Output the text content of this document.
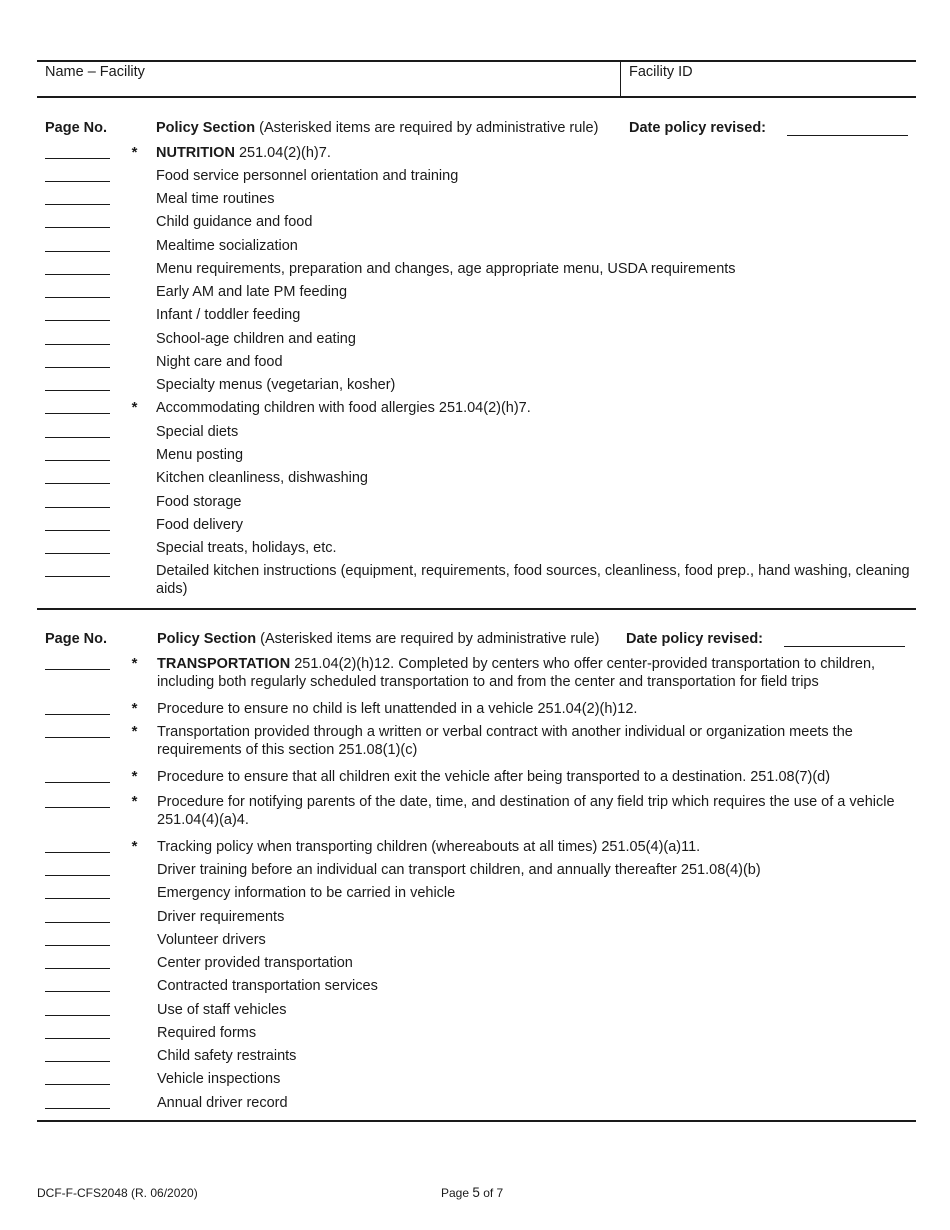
Name – Facility	Facility ID
Page No.	Policy Section (Asterisked items are required by administrative rule) Date policy revised:
* NUTRITION 251.04(2)(h)7.
Food service personnel orientation and training
Meal time routines
Child guidance and food
Mealtime socialization
Menu requirements, preparation and changes, age appropriate menu, USDA requirements
Early AM and late PM feeding
Infant / toddler feeding
School-age children and eating
Night care and food
Specialty menus (vegetarian, kosher)
* Accommodating children with food allergies 251.04(2)(h)7.
Special diets
Menu posting
Kitchen cleanliness, dishwashing
Food storage
Food delivery
Special treats, holidays, etc.
Detailed kitchen instructions (equipment, requirements, food sources, cleanliness, food prep., hand washing, cleaning aids)
Page No.	Policy Section (Asterisked items are required by administrative rule) Date policy revised:
* TRANSPORTATION 251.04(2)(h)12. Completed by centers who offer center-provided transportation to children, including both regularly scheduled transportation to and from the center and transportation for field trips
* Procedure to ensure no child is left unattended in a vehicle 251.04(2)(h)12.
* Transportation provided through a written or verbal contract with another individual or organization meets the requirements of this section 251.08(1)(c)
* Procedure to ensure that all children exit the vehicle after being transported to a destination. 251.08(7)(d)
* Procedure for notifying parents of the date, time, and destination of any field trip which requires the use of a vehicle 251.04(4)(a)4.
* Tracking policy when transporting children (whereabouts at all times) 251.05(4)(a)11.
Driver training before an individual can transport children, and annually thereafter 251.08(4)(b)
Emergency information to be carried in vehicle
Driver requirements
Volunteer drivers
Center provided transportation
Contracted transportation services
Use of staff vehicles
Required forms
Child safety restraints
Vehicle inspections
Annual driver record
DCF-F-CFS2048 (R. 06/2020)	Page 5 of 7
